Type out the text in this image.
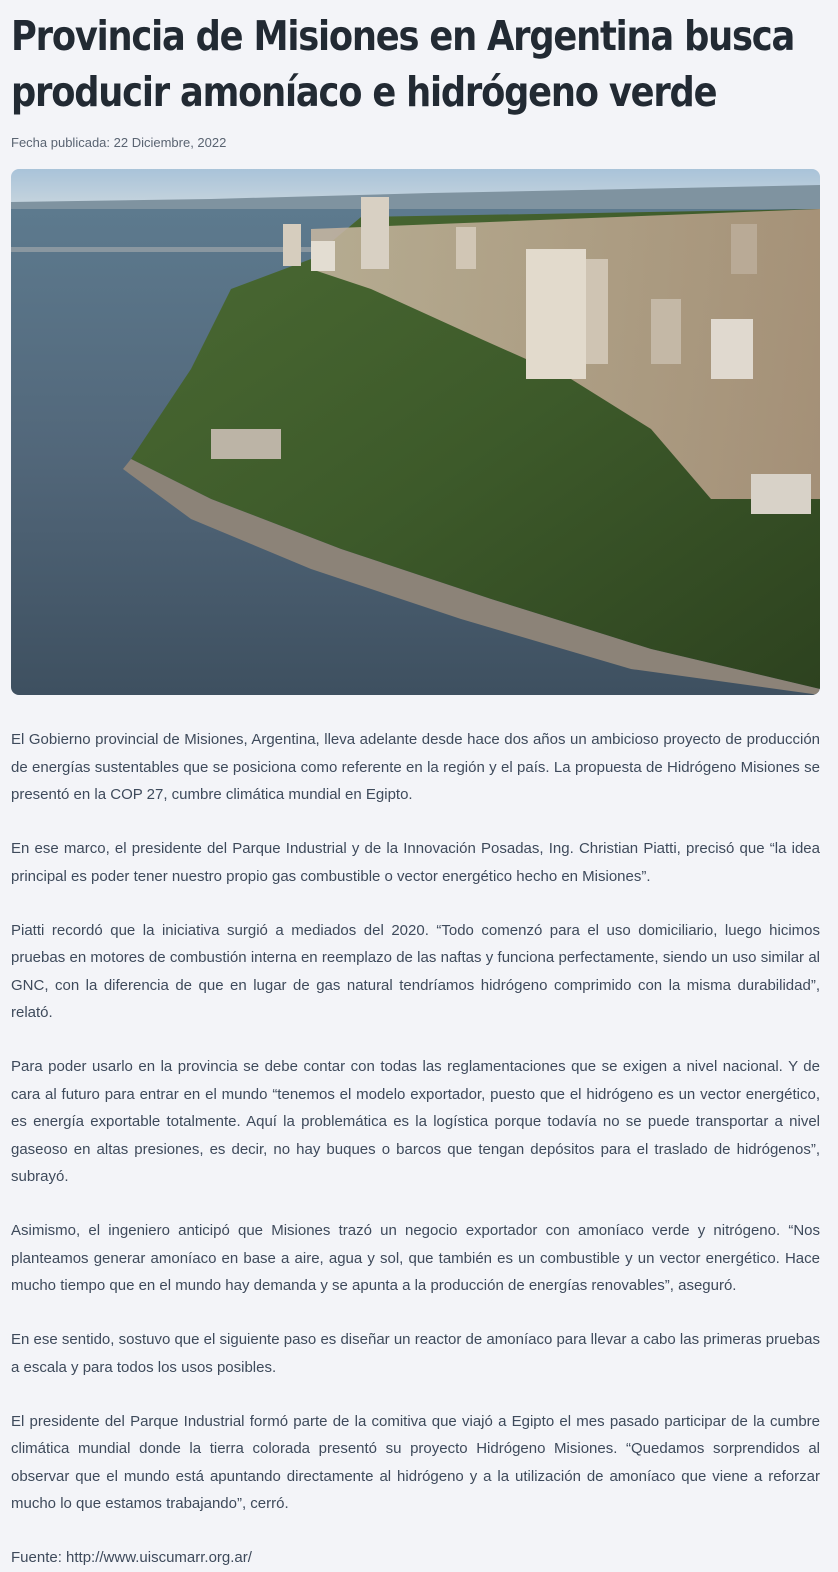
Provincia de Misiones en Argentina busca producir amoníaco e hidrógeno verde
Fecha publicada: 22 Diciembre, 2022

El Gobierno provincial de Misiones, Argentina, lleva adelante desde hace dos años un ambicioso proyecto de producción de energías sustentables que se posiciona como referente en la región y el país. La propuesta de Hidrógeno Misiones se presentó en la COP 27, cumbre climática mundial en Egipto.

En ese marco, el presidente del Parque Industrial y de la Innovación Posadas, Ing. Christian Piatti, precisó que “la idea principal es poder tener nuestro propio gas combustible o vector energético hecho en Misiones”.

Piatti recordó que la iniciativa surgió a mediados del 2020. “Todo comenzó para el uso domiciliario, luego hicimos pruebas en motores de combustión interna en reemplazo de las naftas y funciona perfectamente, siendo un uso similar al GNC, con la diferencia de que en lugar de gas natural tendríamos hidrógeno comprimido con la misma durabilidad”, relató.

Para poder usarlo en la provincia se debe contar con todas las reglamentaciones que se exigen a nivel nacional. Y de cara al futuro para entrar en el mundo “tenemos el modelo exportador, puesto que el hidrógeno es un vector energético, es energía exportable totalmente. Aquí la problemática es la logística porque todavía no se puede transportar a nivel gaseoso en altas presiones, es decir, no hay buques o barcos que tengan depósitos para el traslado de hidrógenos”, subrayó.

Asimismo, el ingeniero anticipó que Misiones trazó un negocio exportador con amoníaco verde y nitrógeno. “Nos planteamos generar amoníaco en base a aire, agua y sol, que también es un combustible y un vector energético. Hace mucho tiempo que en el mundo hay demanda y se apunta a la producción de energías renovables”, aseguró.

En ese sentido, sostuvo que el siguiente paso es diseñar un reactor de amoníaco para llevar a cabo las primeras pruebas a escala y para todos los usos posibles.

El presidente del Parque Industrial formó parte de la comitiva que viajó a Egipto el mes pasado participar de la cumbre climática mundial donde la tierra colorada presentó su proyecto Hidrógeno Misiones. “Quedamos sorprendidos al observar que el mundo está apuntando directamente al hidrógeno y a la utilización de amoníaco que viene a reforzar mucho lo que estamos trabajando”, cerró.

Fuente: http://www.uiscumarr.org.ar/
